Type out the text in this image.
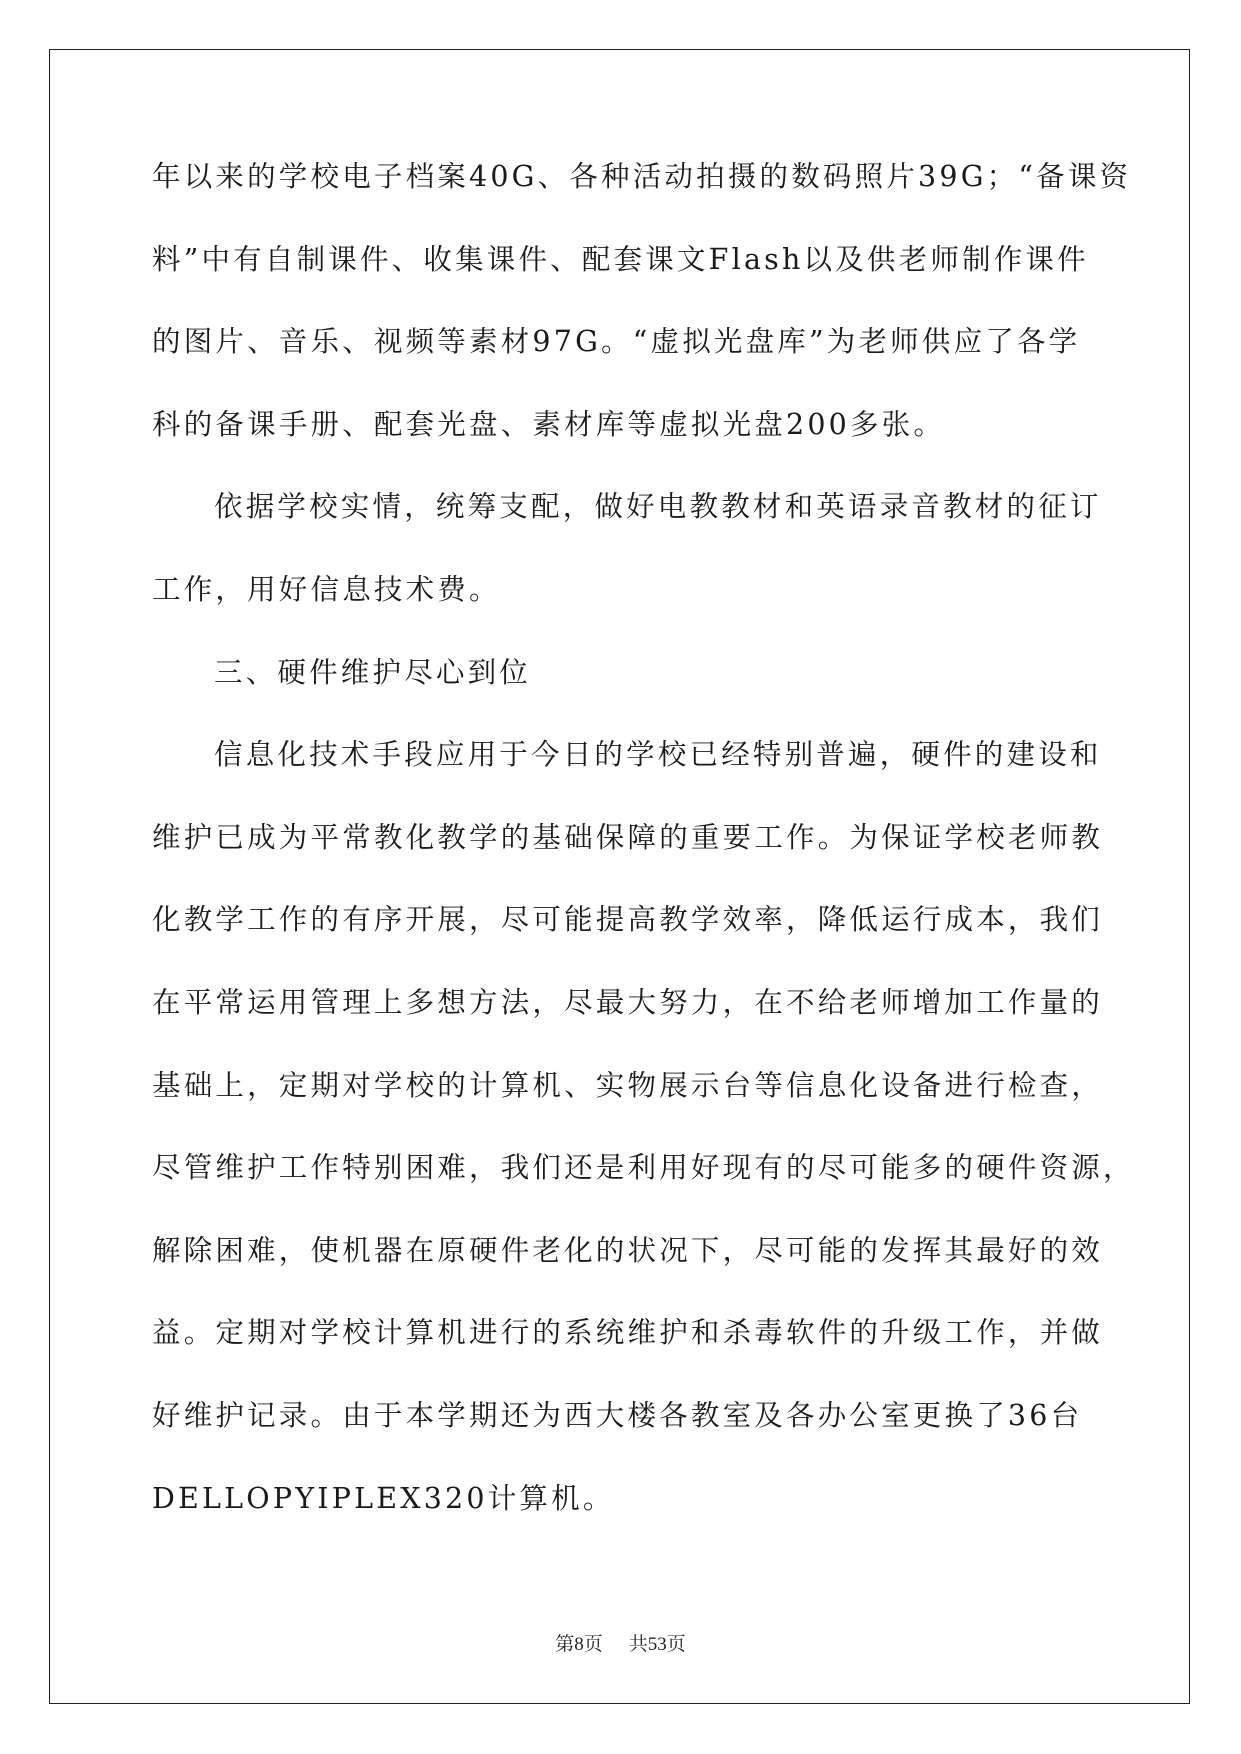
年以来的学校电子档案40G、各种活动拍摄的数码照片39G；“备课资
料”中有自制课件、收集课件、配套课文Flash以及供老师制作课件
的图片、音乐、视频等素材97G。“虚拟光盘库”为老师供应了各学
科的备课手册、配套光盘、素材库等虚拟光盘200多张。
依据学校实情，统筹支配，做好电教教材和英语录音教材的征订
工作，用好信息技术费。
三、硬件维护尽心到位
信息化技术手段应用于今日的学校已经特别普遍，硬件的建设和
维护已成为平常教化教学的基础保障的重要工作。为保证学校老师教
化教学工作的有序开展，尽可能提高教学效率，降低运行成本，我们
在平常运用管理上多想方法，尽最大努力，在不给老师增加工作量的
基础上，定期对学校的计算机、实物展示台等信息化设备进行检查，
尽管维护工作特别困难，我们还是利用好现有的尽可能多的硬件资源，
解除困难，使机器在原硬件老化的状况下，尽可能的发挥其最好的效
益。定期对学校计算机进行的系统维护和杀毒软件的升级工作，并做
好维护记录。由于本学期还为西大楼各教室及各办公室更换了36台
DELLOPYIPLEX320计算机。
第8页 共53页
